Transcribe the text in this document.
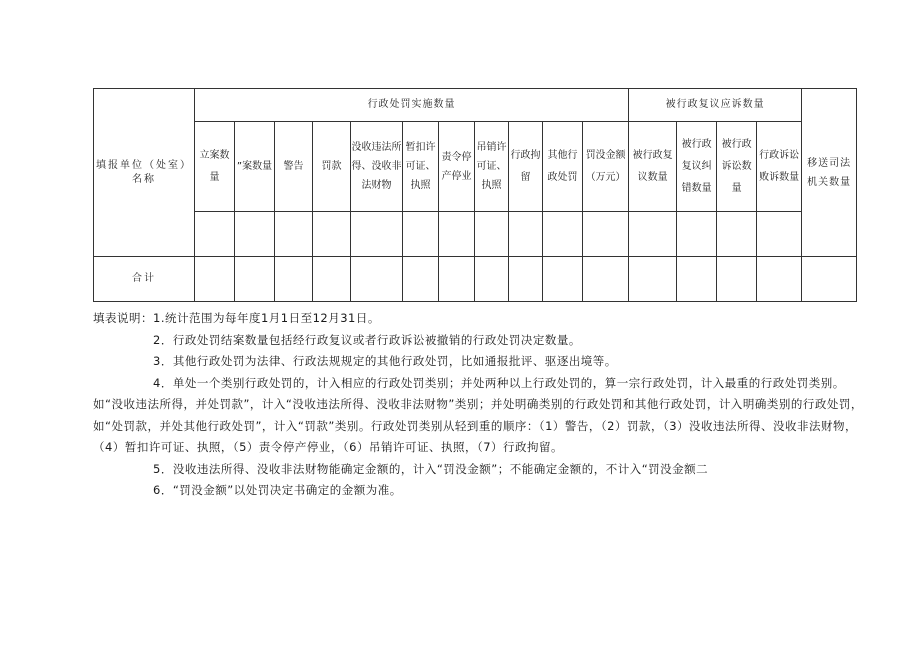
填报单位（处室）名称	行政处罚实施数量											被行政复议应诉数量				移送司法机关数量
	立案数量	”案数量	警告	罚款	没收违法所得、没收非法财物	暂扣许可证、执照	责令停产停业	吊销许可证、执照	行政拘留	其他行政处罚	罚没金额（万元）	被行政复议数量	被行政复议纠错数量	被行政诉讼数量	行政诉讼败诉数量	

合计																

填表说明：1.统计范围为每年度1月1日至12月31日。

2．行政处罚结案数量包括经行政复议或者行政诉讼被撤销的行政处罚决定数量。

3．其他行政处罚为法律、行政法规规定的其他行政处罚，比如通报批评、驱逐出境等。

4．单处一个类别行政处罚的，计入相应的行政处罚类别；并处两种以上行政处罚的，算一宗行政处罚，计入最重的行政处罚类别。如“没收违法所得，并处罚款”，计入“没收违法所得、没收非法财物”类别；并处明确类别的行政处罚和其他行政处罚，计入明确类别的行政处罚，如“处罚款，并处其他行政处罚”，计入“罚款”类别。行政处罚类别从轻到重的顺序：（1）警告，（2）罚款，（3）没收违法所得、没收非法财物，（4）暂扣许可证、执照，（5）责令停产停业，（6）吊销许可证、执照，（7）行政拘留。

5．没收违法所得、没收非法财物能确定金额的，计入“罚没金额”；不能确定金额的，不计入“罚没金额二

6．“罚没金额”以处罚决定书确定的金额为准。
